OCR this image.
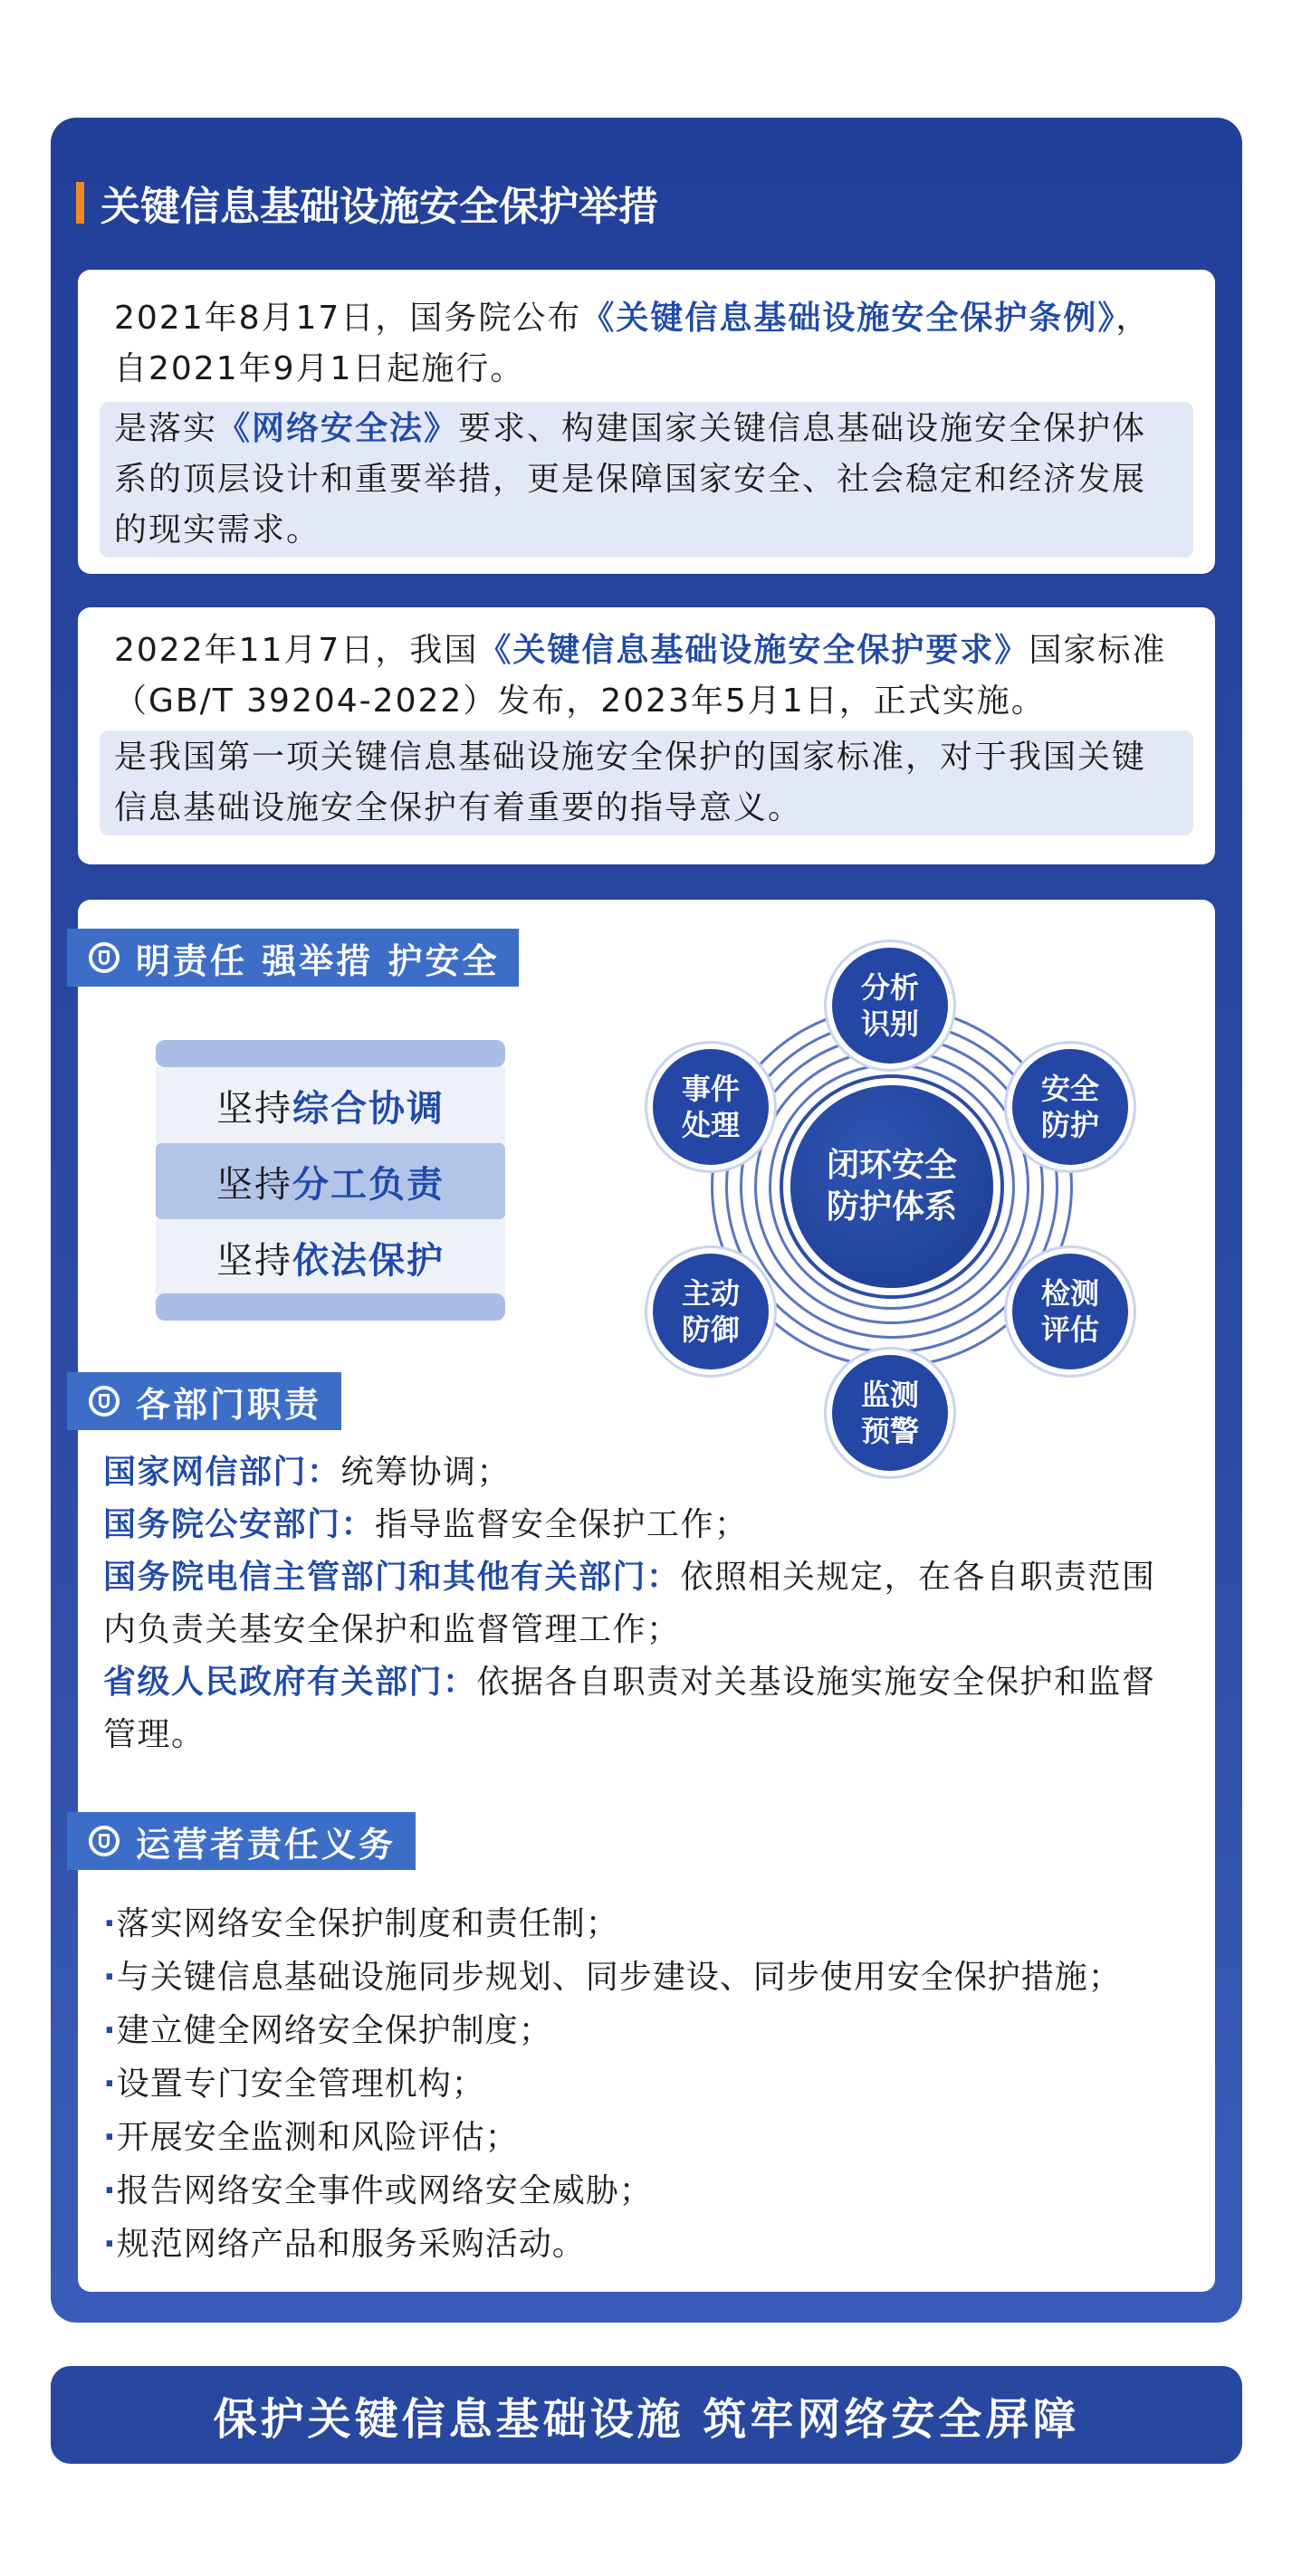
关键信息基础设施安全保护举措
2021年8月17日，国务院公布《关键信息基础设施安全保护条例》，自2021年9月1日起施行。
是落实《网络安全法》要求、构建国家关键信息基础设施安全保护体系的顶层设计和重要举措，更是保障国家安全、社会稳定和经济发展的现实需求。
2022年11月7日，我国《关键信息基础设施安全保护要求》国家标准（GB/T 39204-2022）发布，2023年5月1日，正式实施。
是我国第一项关键信息基础设施安全保护的国家标准，对于我国关键信息基础设施安全保护有着重要的指导意义。
明责任 强举措 护安全
坚持 综合协调
坚持 分工负责
坚持 依法保护
闭环安全
防护体系
分析
识别
安全
防护
检测
评估
监测
预警
主动
防御
事件
处理
各部门职责
国家网信部门：统筹协调；
国务院公安部门：指导监督安全保护工作；
国务院电信主管部门和其他有关部门：依照相关规定，在各自职责范围内负责关基安全保护和监督管理工作；
省级人民政府有关部门：依据各自职责对关基设施实施安全保护和监督管理。
运营者责任义务
· 落实网络安全保护制度和责任制；
· 与关键信息基础设施同步规划、同步建设、同步使用安全保护措施；
· 建立健全网络安全保护制度；
· 设置专门安全管理机构；
· 开展安全监测和风险评估；
· 报告网络安全事件或网络安全威胁；
· 规范网络产品和服务采购活动。
保护关键信息基础设施 筑牢网络安全屏障
